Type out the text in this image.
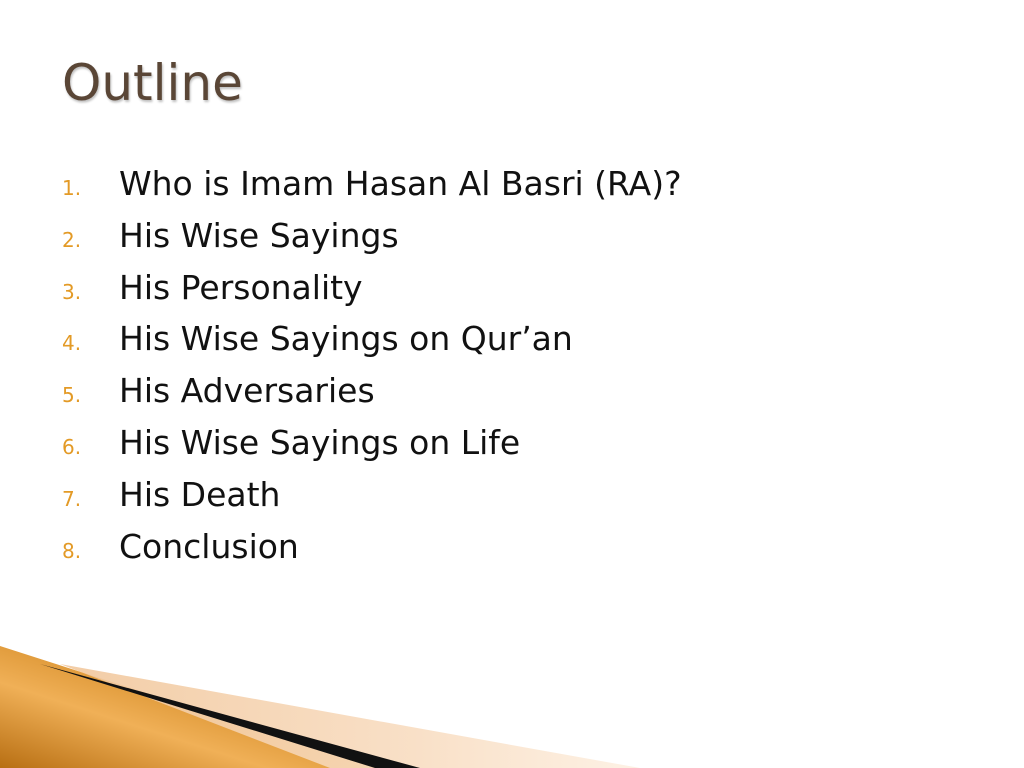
Outline
1.	Who is Imam Hasan Al Basri (RA)?
2.	His Wise Sayings
3.	His Personality
4.	His Wise Sayings on Qur’an
5.	His Adversaries
6.	His Wise Sayings on Life
7.	His Death
8.	Conclusion
